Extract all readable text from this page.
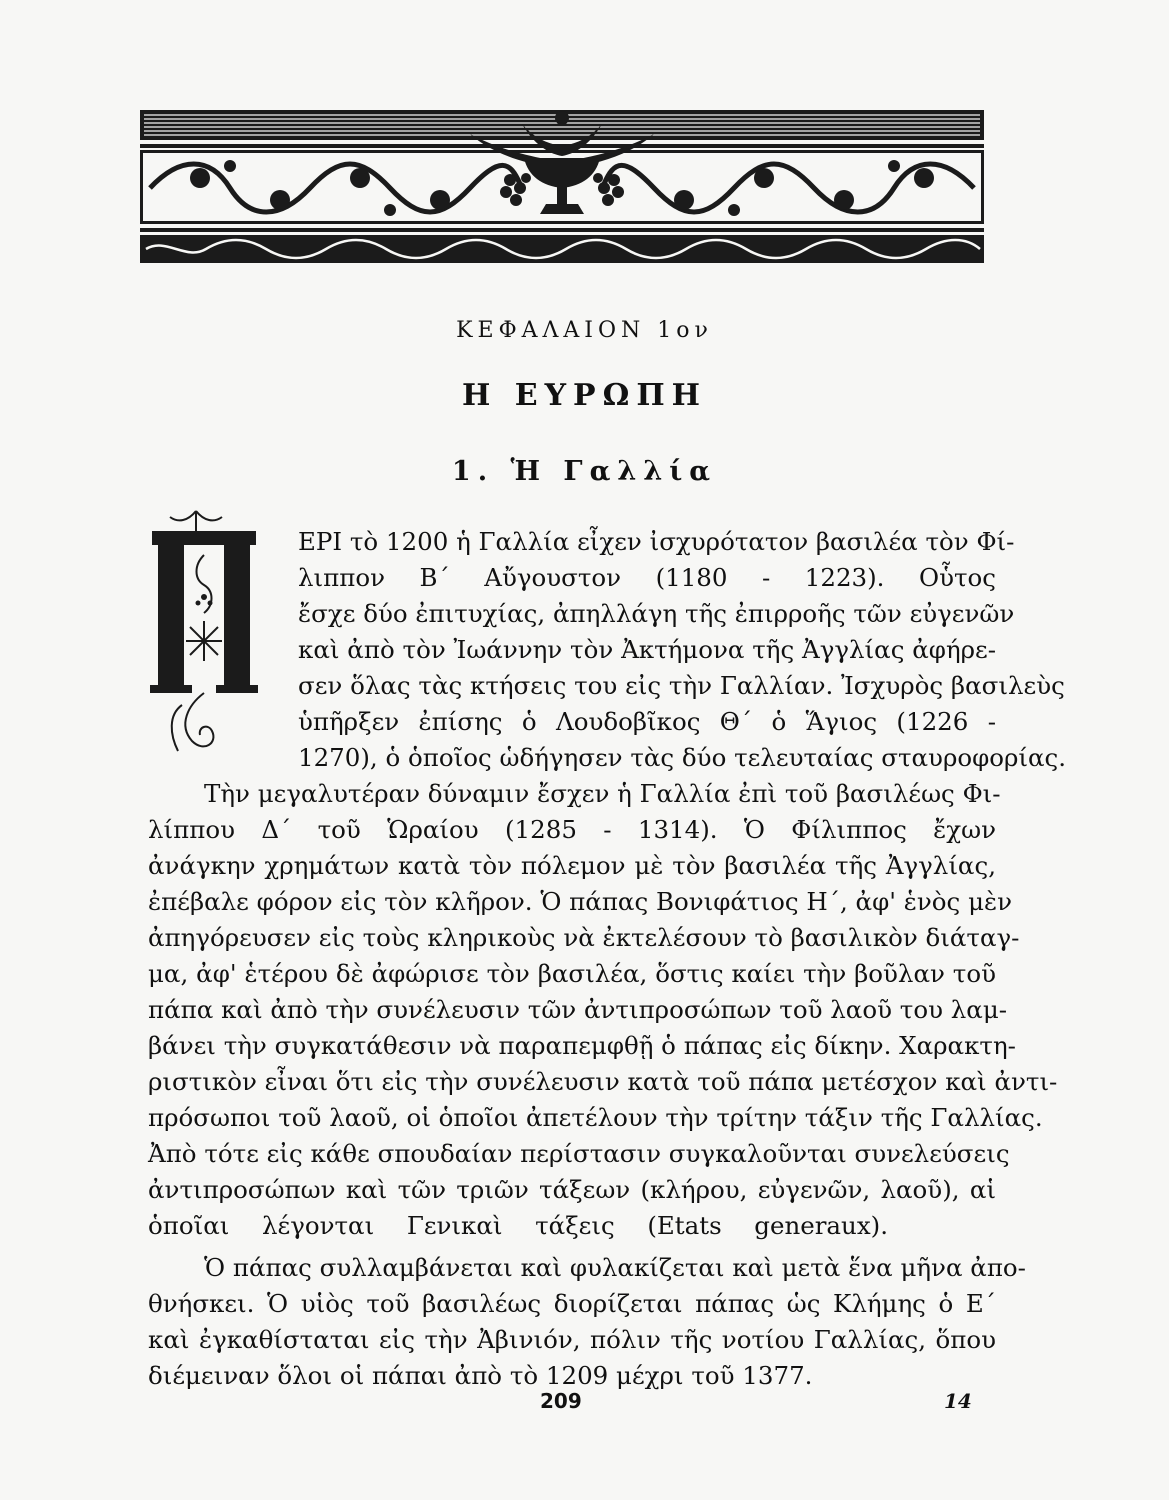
ΚΕΦΑΛΑΙΟΝ 1ον
Η ΕΥΡΩΠΗ
1. Ἡ Γαλλία
ΕΡΙ τὸ 1200 ἡ Γαλλία εἶχεν ἰσχυρότατον βασιλέα τὸν Φί-
λιππον Β΄ Αὔγουστον (1180 - 1223). Οὗτος
ἔσχε δύο ἐπιτυχίας, ἀπηλλάγη τῆς ἐπιρροῆς τῶν εὐγενῶν
καὶ ἀπὸ τὸν Ἰωάννην τὸν Ἀκτήμονα τῆς Ἀγγλίας ἀφήρε-
σεν ὅλας τὰς κτήσεις του εἰς τὴν Γαλλίαν. Ἰσχυρὸς βασιλεὺς
ὑπῆρξεν ἐπίσης ὁ Λουδοβῖκος Θ΄ ὁ Ἅγιος (1226 -
1270), ὁ ὁποῖος ὡδήγησεν τὰς δύο τελευταίας σταυροφορίας.
Τὴν μεγαλυτέραν δύναμιν ἔσχεν ἡ Γαλλία ἐπὶ τοῦ βασιλέως Φι-
λίππου Δ΄ τοῦ Ὡραίου (1285 - 1314). Ὁ Φίλιππος ἔχων
ἀνάγκην χρημάτων κατὰ τὸν πόλεμον μὲ τὸν βασιλέα τῆς Ἀγγλίας,
ἐπέβαλε φόρον εἰς τὸν κλῆρον. Ὁ πάπας Βονιφάτιος Η΄, ἀφ' ἑνὸς μὲν
ἀπηγόρευσεν εἰς τοὺς κληρικοὺς νὰ ἐκτελέσουν τὸ βασιλικὸν διάταγ-
μα, ἀφ' ἑτέρου δὲ ἀφώρισε τὸν βασιλέα, ὅστις καίει τὴν βοῦλαν τοῦ
πάπα καὶ ἀπὸ τὴν συνέλευσιν τῶν ἀντιπροσώπων τοῦ λαοῦ του λαμ-
βάνει τὴν συγκατάθεσιν νὰ παραπεμφθῇ ὁ πάπας εἰς δίκην. Χαρακτη-
ριστικὸν εἶναι ὅτι εἰς τὴν συνέλευσιν κατὰ τοῦ πάπα μετέσχον καὶ ἀντι-
πρόσωποι τοῦ λαοῦ, οἱ ὁποῖοι ἀπετέλουν τὴν τρίτην τάξιν τῆς Γαλλίας.
Ἀπὸ τότε εἰς κάθε σπουδαίαν περίστασιν συγκαλοῦνται συνελεύσεις
ἀντιπροσώπων καὶ τῶν τριῶν τάξεων (κλήρου, εὐγενῶν, λαοῦ), αἱ
ὁποῖαι λέγονται Γενικαὶ τάξεις (Etats generaux).
Ὁ πάπας συλλαμβάνεται καὶ φυλακίζεται καὶ μετὰ ἕνα μῆνα ἀπο-
θνήσκει. Ὁ υἱὸς τοῦ βασιλέως διορίζεται πάπας ὡς Κλήμης ὁ Ε΄
καὶ ἐγκαθίσταται εἰς τὴν Ἀβινιόν, πόλιν τῆς νοτίου Γαλλίας, ὅπου
διέμειναν ὅλοι οἱ πάπαι ἀπὸ τὸ 1209 μέχρι τοῦ 1377.
209	14
